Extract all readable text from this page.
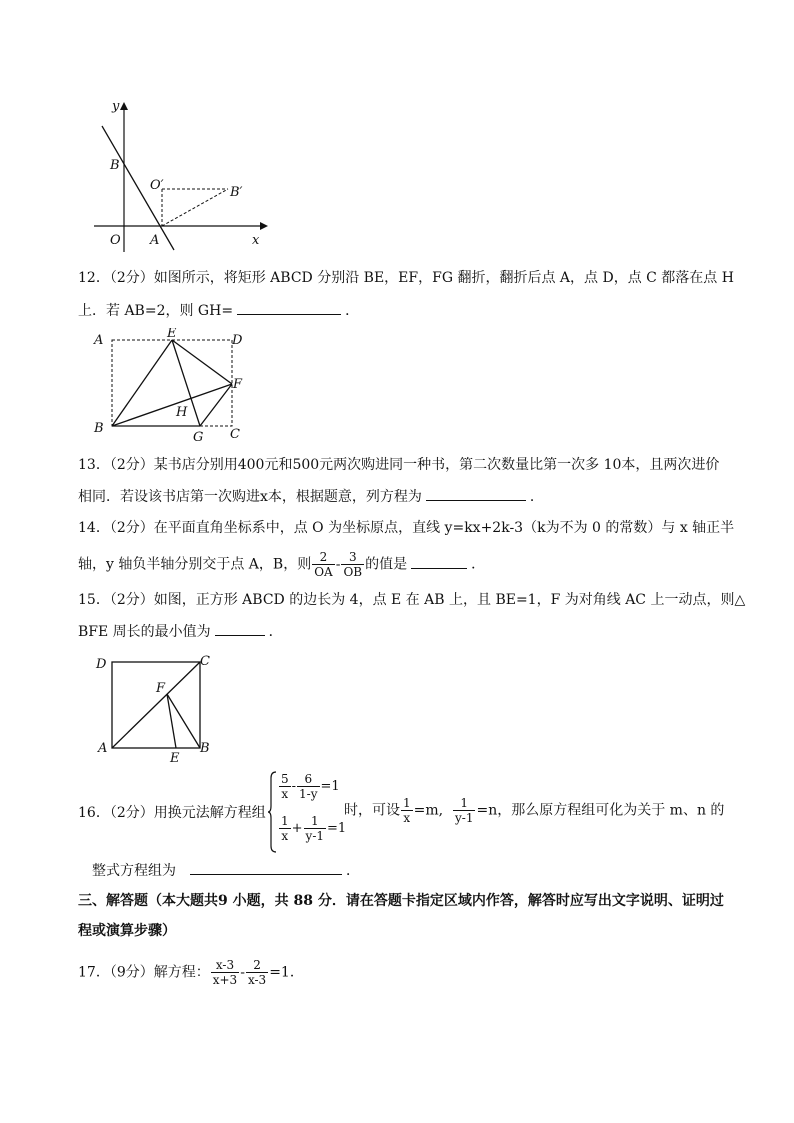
y
x
O A
B
O′	B′
12．（2分）如图所示，将矩形 ABCD 分别沿 BE，EF，FG 翻折，翻折后点 A，点 D，点 C 都落在点 H
上．若 AB=2，则 GH=	．
A	E	D
F
H
B
G C
13．（2分）某书店分别用400元和500元两次购进同一种书，第二次数量比第一次多 10本，且两次进价
相同．若设该书店第一次购进x本，根据题意，列方程为	．
14．（2分）在平面直角坐标系中，点 O 为坐标原点，直线 y=kx+2k-3（k为不为 0 的常数）与 x 轴正半
轴，y 轴负半轴分别交于点 A，B，则 $\frac{2}{OA} - \frac{3}{OB}$ 的值是	．
15．（2分）如图，正方形 ABCD 的边长为 4，点 E 在 AB 上，且 BE=1，F 为对角线 AC 上一动点，则△
BFE 周长的最小值为	．
D	C
F
A
E
B
16．（2分）用换元法解方程组
$\frac{5}{x} - \frac{6}{1-y} =1$
$\frac{1}{x} + \frac{1}{y-1} =1$
时，可设 $\frac{1}{x} =m$, $\frac{1}{y-1} =n$，那么原方程组可化为关于 m、n 的
整式方程组为	．
三、解答题（本大题共9 小题，共 88 分．请在答题卡指定区域内作答，解答时应写出文字说明、证明过
程或演算步骤）
17．（9分）解方程： $\frac{x-3}{x+3} - \frac{2}{x-3} =1$．
